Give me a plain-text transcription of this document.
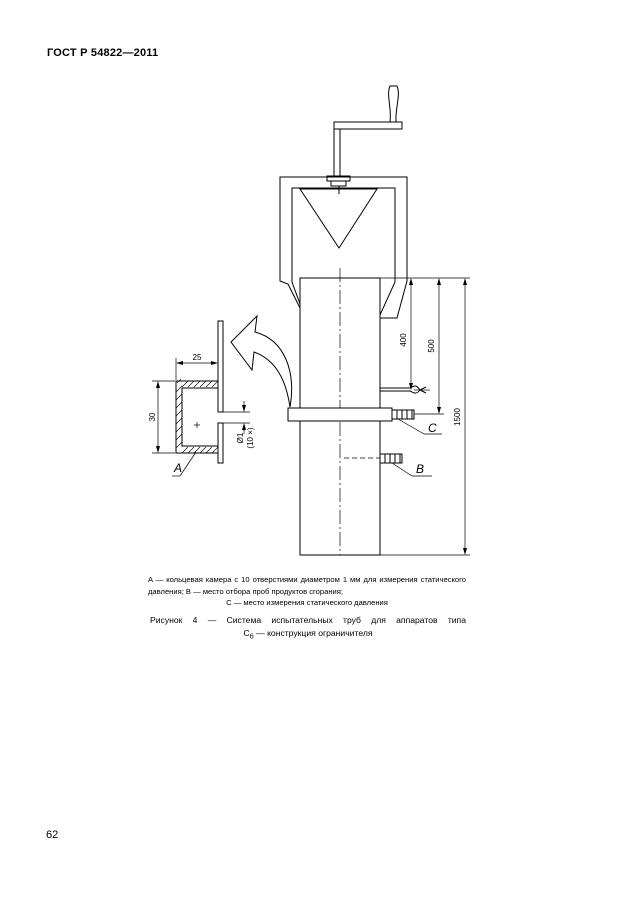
ГОСТ Р 54822—2011
400 500
1500
25
30
Ø1 (10 ×)
A	B
C
A — кольцевая камера с 10 отверстиями диаметром 1 мм для измерения статического давления; B — место отбора проб продуктов сгорания;
C — место измерения статического давления
Рисунок 4 — Система испытательных труб для аппаратов типа
$C_6$ — конструкция ограничителя
62
